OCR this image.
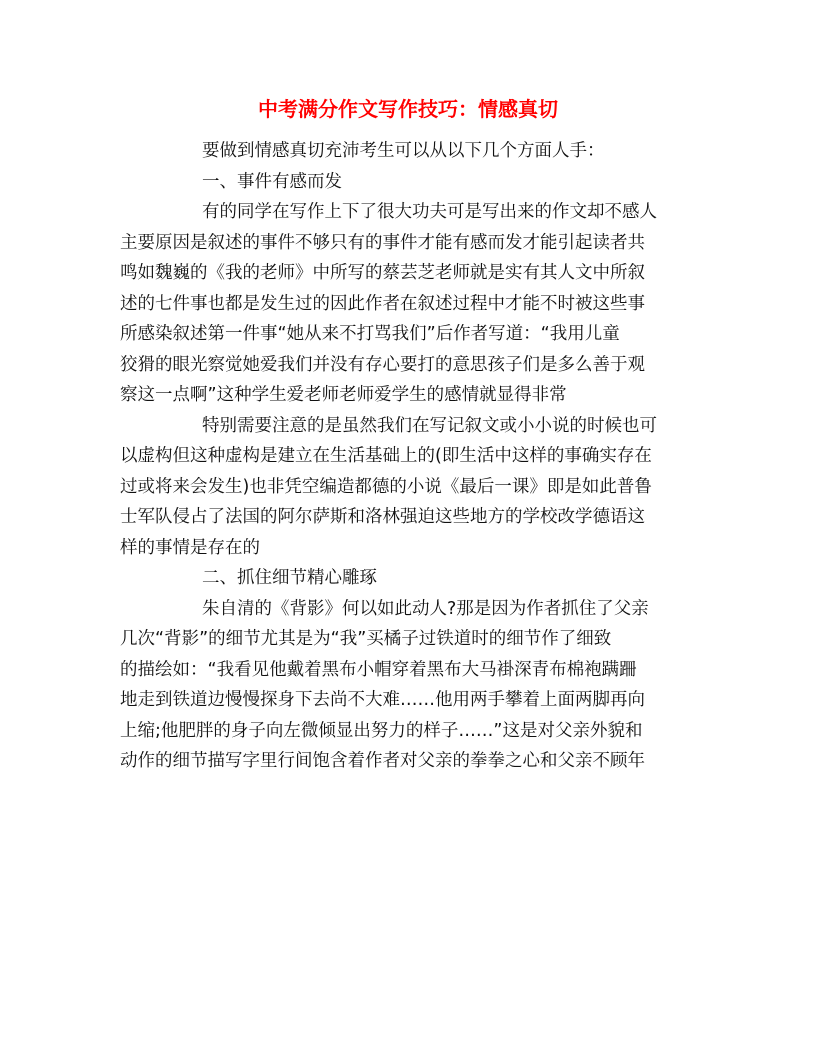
中考满分作文写作技巧：情感真切
要做到情感真切充沛考生可以从以下几个方面人手：
一、事件有感而发
有的同学在写作上下了很大功夫可是写出来的作文却不感人
主要原因是叙述的事件不够只有的事件才能有感而发才能引起读者共
鸣如魏巍的《我的老师》中所写的蔡芸芝老师就是实有其人文中所叙
述的七件事也都是发生过的因此作者在叙述过程中才能不时被这些事
所感染叙述第一件事“她从来不打骂我们”后作者写道：“我用儿童
狡猾的眼光察觉她爱我们并没有存心要打的意思孩子们是多么善于观
察这一点啊”这种学生爱老师老师爱学生的感情就显得非常
特别需要注意的是虽然我们在写记叙文或小小说的时候也可
以虚构但这种虚构是建立在生活基础上的(即生活中这样的事确实存在
过或将来会发生)也非凭空编造都德的小说《最后一课》即是如此普鲁
士军队侵占了法国的阿尔萨斯和洛林强迫这些地方的学校改学德语这
样的事情是存在的
二、抓住细节精心雕琢
朱自清的《背影》何以如此动人?那是因为作者抓住了父亲
几次“背影”的细节尤其是为“我”买橘子过铁道时的细节作了细致
的描绘如：“我看见他戴着黑布小帽穿着黑布大马褂深青布棉袍蹒跚
地走到铁道边慢慢探身下去尚不大难……他用两手攀着上面两脚再向
上缩;他肥胖的身子向左微倾显出努力的样子……”这是对父亲外貌和
动作的细节描写字里行间饱含着作者对父亲的拳拳之心和父亲不顾年
